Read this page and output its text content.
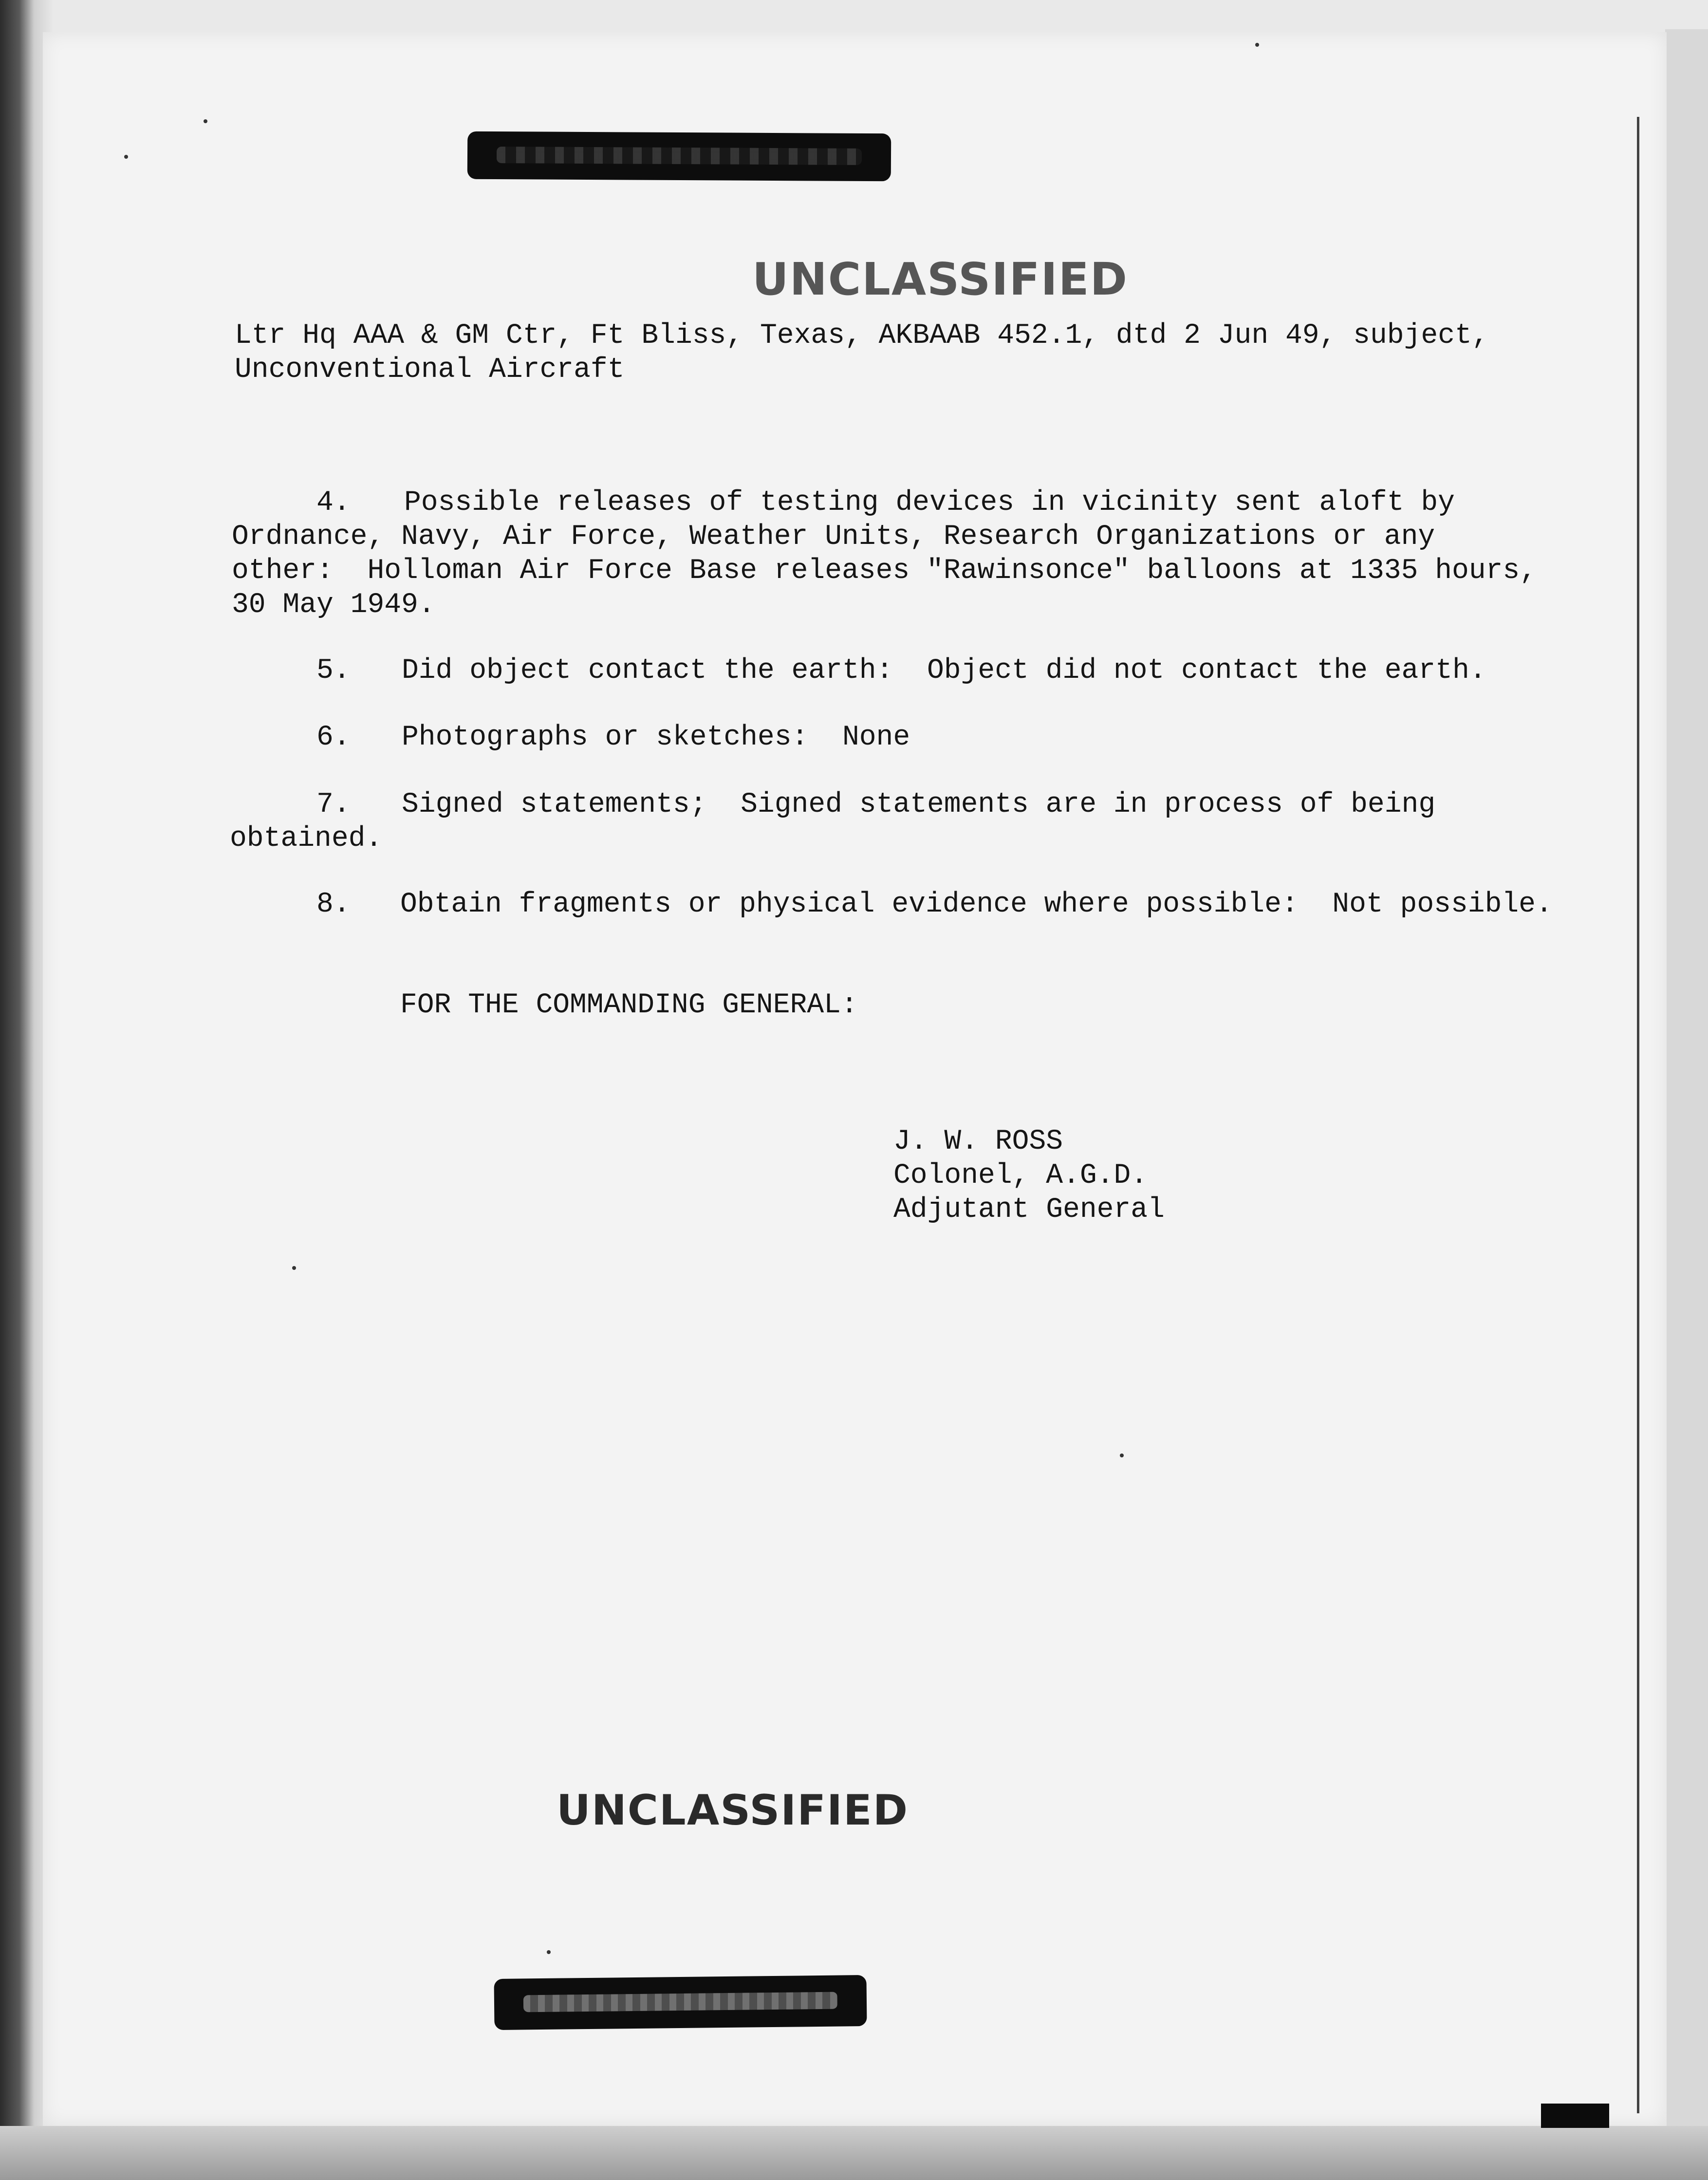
UNCLASSIFIED
Ltr Hq AAA & GM Ctr, Ft Bliss, Texas, AKBAAB 452.1, dtd 2 Jun 49, subject,
Unconventional Aircraft
4. Possible releases of testing devices in vicinity sent aloft by
Ordnance, Navy, Air Force, Weather Units, Research Organizations or any
other:  Holloman Air Force Base releases "Rawinsonce" balloons at 1335 hours,
30 May 1949.
5. Did object contact the earth:  Object did not contact the earth.
6. Photographs or sketches:  None
7. Signed statements;  Signed statements are in process of being
obtained.
8. Obtain fragments or physical evidence where possible:  Not possible.
FOR THE COMMANDING GENERAL:
J. W. ROSS
Colonel, A.G.D.
Adjutant General
UNCLASSIFIED
